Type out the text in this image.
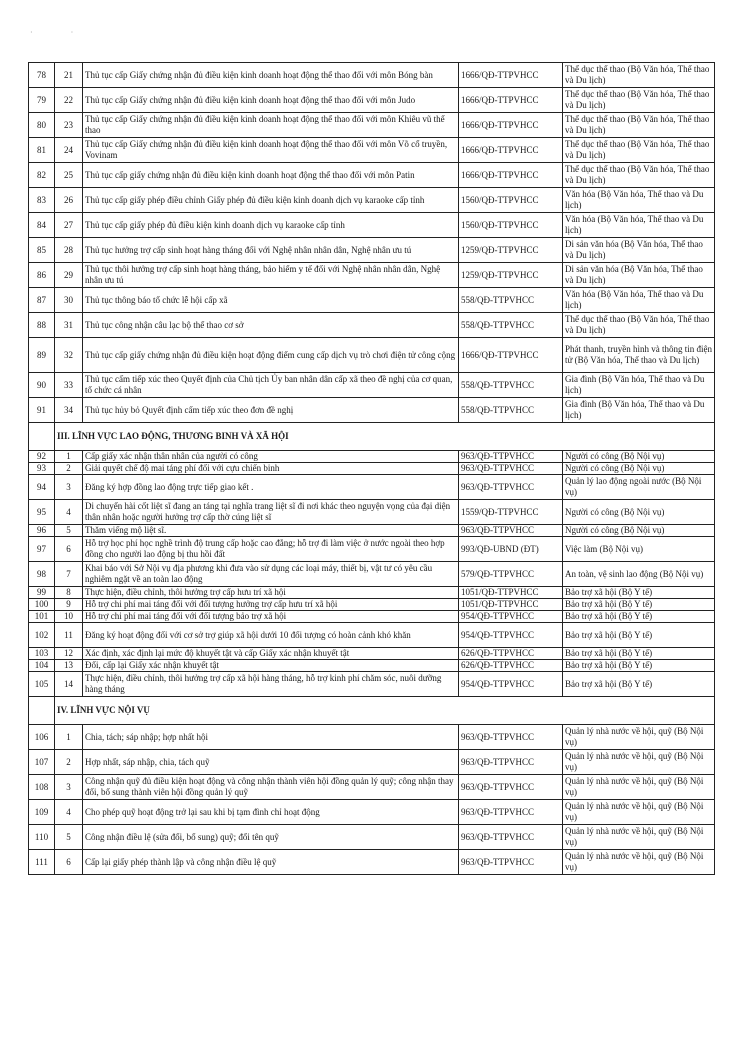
· ·
78	21	Thủ tục cấp Giấy chứng nhận đủ điều kiện kinh doanh hoạt động thể thao đối với môn Bóng bàn	1666/QĐ-TTPVHCC	Thể dục thể thao (Bộ Văn hóa, Thể thao và Du lịch)
79	22	Thủ tục cấp Giấy chứng nhận đủ điều kiện kinh doanh hoạt động thể thao đối với môn Judo	1666/QĐ-TTPVHCC	Thể dục thể thao (Bộ Văn hóa, Thể thao và Du lịch)
80	23	Thủ tục cấp Giấy chứng nhận đủ điều kiện kinh doanh hoạt động thể thao đối với môn Khiêu vũ thể thao	1666/QĐ-TTPVHCC	Thể dục thể thao (Bộ Văn hóa, Thể thao và Du lịch)
81	24	Thủ tục cấp Giấy chứng nhận đủ điều kiện kinh doanh hoạt động thể thao đối với môn Võ cổ truyền, Vovinam	1666/QĐ-TTPVHCC	Thể dục thể thao (Bộ Văn hóa, Thể thao và Du lịch)
82	25	Thủ tục cấp giấy chứng nhận đủ điều kiện kinh doanh hoạt động thể thao đối với môn Patin	1666/QĐ-TTPVHCC	Thể dục thể thao (Bộ Văn hóa, Thể thao và Du lịch)
83	26	Thủ tục cấp giấy phép điều chỉnh Giấy phép đủ điều kiện kinh doanh dịch vụ karaoke cấp tỉnh	1560/QĐ-TTPVHCC	Văn hóa (Bộ Văn hóa, Thể thao và Du lịch)
84	27	Thủ tục cấp giấy phép đủ điều kiện kinh doanh dịch vụ karaoke cấp tỉnh	1560/QĐ-TTPVHCC	Văn hóa (Bộ Văn hóa, Thể thao và Du lịch)
85	28	Thủ tục hưởng trợ cấp sinh hoạt hàng tháng đối với Nghệ nhân nhân dân, Nghệ nhân ưu tú	1259/QĐ-TTPVHCC	Di sản văn hóa (Bộ Văn hóa, Thể thao và Du lịch)
86	29	Thủ tục thôi hưởng trợ cấp sinh hoạt hàng tháng, bảo hiểm y tế đối với Nghệ nhân nhân dân, Nghệ nhân ưu tú	1259/QĐ-TTPVHCC	Di sản văn hóa (Bộ Văn hóa, Thể thao và Du lịch)
87	30	Thủ tục thông báo tổ chức lễ hội cấp xã	558/QĐ-TTPVHCC	Văn hóa (Bộ Văn hóa, Thể thao và Du lịch)
88	31	Thủ tục công nhận câu lạc bộ thể thao cơ sở	558/QĐ-TTPVHCC	Thể dục thể thao (Bộ Văn hóa, Thể thao và Du lịch)
89	32	Thủ tục cấp giấy chứng nhận đủ điều kiện hoạt động điểm cung cấp dịch vụ trò chơi điện tử công cộng	1666/QĐ-TTPVHCC	Phát thanh, truyền hình và thông tin điện tử (Bộ Văn hóa, Thể thao và Du lịch)
90	33	Thủ tục cấm tiếp xúc theo Quyết định của Chủ tịch Ủy ban nhân dân cấp xã theo đề nghị của cơ quan, tổ chức cá nhân	558/QĐ-TTPVHCC	Gia đình (Bộ Văn hóa, Thể thao và Du lịch)
91	34	Thủ tục hủy bỏ Quyết định cấm tiếp xúc theo đơn đề nghị	558/QĐ-TTPVHCC	Gia đình (Bộ Văn hóa, Thể thao và Du lịch)
	III. LĨNH VỰC LAO ĐỘNG, THƯƠNG BINH VÀ XÃ HỘI			
92	1	Cấp giấy xác nhận thân nhân của người có công	963/QĐ-TTPVHCC	Người có công (Bộ Nội vụ)
93	2	Giải quyết chế độ mai táng phí đối với cựu chiến binh	963/QĐ-TTPVHCC	Người có công (Bộ Nội vụ)
94	3	Đăng ký hợp đồng lao động trực tiếp giao kết .	963/QĐ-TTPVHCC	Quản lý lao động ngoài nước (Bộ Nội vụ)
95	4	Di chuyển hài cốt liệt sĩ đang an táng tại nghĩa trang liệt sĩ đi nơi khác theo nguyện vọng của đại diện thân nhân hoặc người hưởng trợ cấp thờ cúng liệt sĩ	1559/QĐ-TTPVHCC	Người có công (Bộ Nội vụ)
96	5	Thăm viếng mộ liệt sĩ.	963/QĐ-TTPVHCC	Người có công (Bộ Nội vụ)
97	6	Hỗ trợ học phí học nghề trình độ trung cấp hoặc cao đẳng; hỗ trợ đi làm việc ở nước ngoài theo hợp đồng cho người lao động bị thu hồi đất	993/QĐ-UBND (ĐT)	Việc làm (Bộ Nội vụ)
98	7	Khai báo với Sở Nội vụ địa phương khi đưa vào sử dụng các loại máy, thiết bị, vật tư có yêu cầu nghiêm ngặt về an toàn lao động	579/QĐ-TTPVHCC	An toàn, vệ sinh lao động (Bộ Nội vụ)
99	8	Thực hiện, điều chỉnh, thôi hưởng trợ cấp hưu trí xã hội	1051/QĐ-TTPVHCC	Bảo trợ xã hội (Bộ Y tế)
100	9	Hỗ trợ chi phí mai táng đối với đối tượng hưởng trợ cấp hưu trí xã hội	1051/QĐ-TTPVHCC	Bảo trợ xã hội (Bộ Y tế)
101	10	Hỗ trợ chi phí mai táng đối với đối tượng bảo trợ xã hội	954/QĐ-TTPVHCC	Bảo trợ xã hội (Bộ Y tế)
102	11	Đăng ký hoạt động đối với cơ sở trợ giúp xã hội dưới 10 đối tượng có hoàn cảnh khó khăn	954/QĐ-TTPVHCC	Bảo trợ xã hội (Bộ Y tế)
103	12	Xác định, xác định lại mức độ khuyết tật và cấp Giấy xác nhận khuyết tật	626/QĐ-TTPVHCC	Bảo trợ xã hội (Bộ Y tế)
104	13	Đổi, cấp lại Giấy xác nhận khuyết tật	626/QĐ-TTPVHCC	Bảo trợ xã hội (Bộ Y tế)
105	14	Thực hiện, điều chỉnh, thôi hưởng trợ cấp xã hội hàng tháng, hỗ trợ kinh phí chăm sóc, nuôi dưỡng hàng tháng	954/QĐ-TTPVHCC	Bảo trợ xã hội (Bộ Y tế)
	IV. LĨNH VỰC NỘI VỤ			
106	1	Chia, tách; sáp nhập; hợp nhất hội	963/QĐ-TTPVHCC	Quản lý nhà nước về hội, quỹ (Bộ Nội vụ)
107	2	Hợp nhất, sáp nhập, chia, tách quỹ	963/QĐ-TTPVHCC	Quản lý nhà nước về hội, quỹ (Bộ Nội vụ)
108	3	Công nhận quỹ đủ điều kiện hoạt động và công nhận thành viên hội đồng quản lý quỹ; công nhận thay đổi, bổ sung thành viên hội đồng quản lý quỹ	963/QĐ-TTPVHCC	Quản lý nhà nước về hội, quỹ (Bộ Nội vụ)
109	4	Cho phép quỹ hoạt động trở lại sau khi bị tạm đình chỉ hoạt động	963/QĐ-TTPVHCC	Quản lý nhà nước về hội, quỹ (Bộ Nội vụ)
110	5	Công nhận điều lệ (sửa đổi, bổ sung) quỹ; đổi tên quỹ	963/QĐ-TTPVHCC	Quản lý nhà nước về hội, quỹ (Bộ Nội vụ)
111	6	Cấp lại giấy phép thành lập và công nhận điều lệ quỹ	963/QĐ-TTPVHCC	Quản lý nhà nước về hội, quỹ (Bộ Nội vụ)
